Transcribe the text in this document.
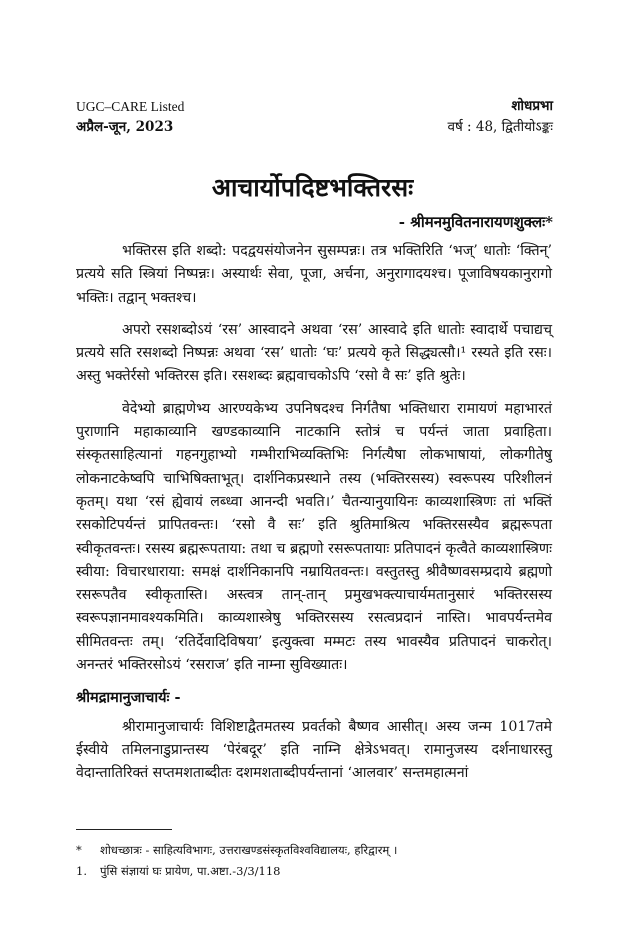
UGC–CARE Listed
अप्रैल-जून, 2023
शोधप्रभा
वर्ष : 48, द्वितीयोऽङ्कः
आचार्योपदिष्टभक्तिरसः
- श्रीमनमुवितनारायणशुक्लः*

भक्तिरस इति शब्दो: पदद्वयसंयोजनेन सुसम्पन्नः। तत्र भक्तिरिति ‘भज्’ धातोः ‘क्तिन्’ प्रत्यये सति स्त्रियां निष्पन्नः। अस्यार्थः सेवा, पूजा, अर्चना, अनुरागादयश्च। पूजाविषयकानुरागो भक्तिः। तद्वान् भक्तश्च।

अपरो रसशब्दोऽयं ‘रस’ आस्वादने अथवा ‘रस’ आस्वादे इति धातोः स्वादार्थे पचाद्यच् प्रत्यये सति रसशब्दो निष्पन्नः अथवा ‘रस’ धातोः ‘घः’ प्रत्यये कृते सिद्ध्यत्सौ।¹ रस्यते इति रसः। अस्तु भक्तेर्रसो भक्तिरस इति। रसशब्दः ब्रह्मवाचकोऽपि ‘रसो वै सः’ इति श्रुतेः।

वेदेभ्यो ब्राह्मणेभ्य आरण्यकेभ्य उपनिषदश्च निर्गतैषा भक्तिधारा रामायणं महाभारतं पुराणानि महाकाव्यानि खण्डकाव्यानि नाटकानि स्तोत्रं च पर्यन्तं जाता प्रवाहिता। संस्कृतसाहित्यानां गहनगुहाभ्यो गम्भीराभिव्यक्तिभिः निर्गत्यैषा लोकभाषायां, लोकगीतेषु लोकनाटकेष्वपि चाभिषिक्ताभूत्। दार्शनिकप्रस्थाने तस्य (भक्तिरसस्य) स्वरूपस्य परिशीलनं कृतम्। यथा ‘रसं ह्येवायं लब्ध्वा आनन्दी भवति।’ चैतन्यानुयायिनः काव्यशास्त्रिणः तां भक्तिं रसकोटिपर्यन्तं प्रापितवन्तः। ‘रसो वै सः’ इति श्रुतिमाश्रित्य भक्तिरसस्यैव ब्रह्मरूपता स्वीकृतवन्तः। रसस्य ब्रह्मरूपताया: तथा च ब्रह्मणो रसरूपतायाः प्रतिपादनं कृत्वैते काव्यशास्त्रिणः स्वीया: विचारधाराया: समक्षं दार्शनिकानपि नम्रायितवन्तः। वस्तुतस्तु श्रीवैष्णवसम्प्रदाये ब्रह्मणो रसरूपतैव स्वीकृतास्ति। अस्त्वत्र तान्-तान् प्रमुखभक्त्याचार्यमतानुसारं भक्तिरसस्य स्वरूपज्ञानमावश्यकमिति। काव्यशास्त्रेषु भक्तिरसस्य रसत्वप्रदानं नास्ति। भावपर्यन्तमेव सीमितवन्तः तम्। ‘रतिर्देवादिविषया’ इत्युक्त्वा मम्मटः तस्य भावस्यैव प्रतिपादनं चाकरोत्। अनन्तरं भक्तिरसोऽयं ‘रसराज’ इति नाम्ना सुविख्यातः।

श्रीमद्रामानुजाचार्यः -

श्रीरामानुजाचार्यः विशिष्टाद्वैतमतस्य प्रवर्तको बैष्णव आसीत्। अस्य जन्म 1017तमे ईस्वीये तमिलनाडुप्रान्तस्य ‘पेरंबदूर’ इति नाम्नि क्षेत्रेऽभवत्। रामानुजस्य दर्शनाधारस्तु वेदान्तातिरिक्तं सप्तमशताब्दीतः दशमशताब्दीपर्यन्तानां ‘आलवार’ सन्तमहात्मनां

*	शोधच्छात्रः - साहित्यविभागः, उत्तराखण्डसंस्कृतविश्वविद्यालयः, हरिद्वारम् ।
1.	पुंसि संज्ञायां घः प्रायेण, पा.अष्टा.-3/3/118
